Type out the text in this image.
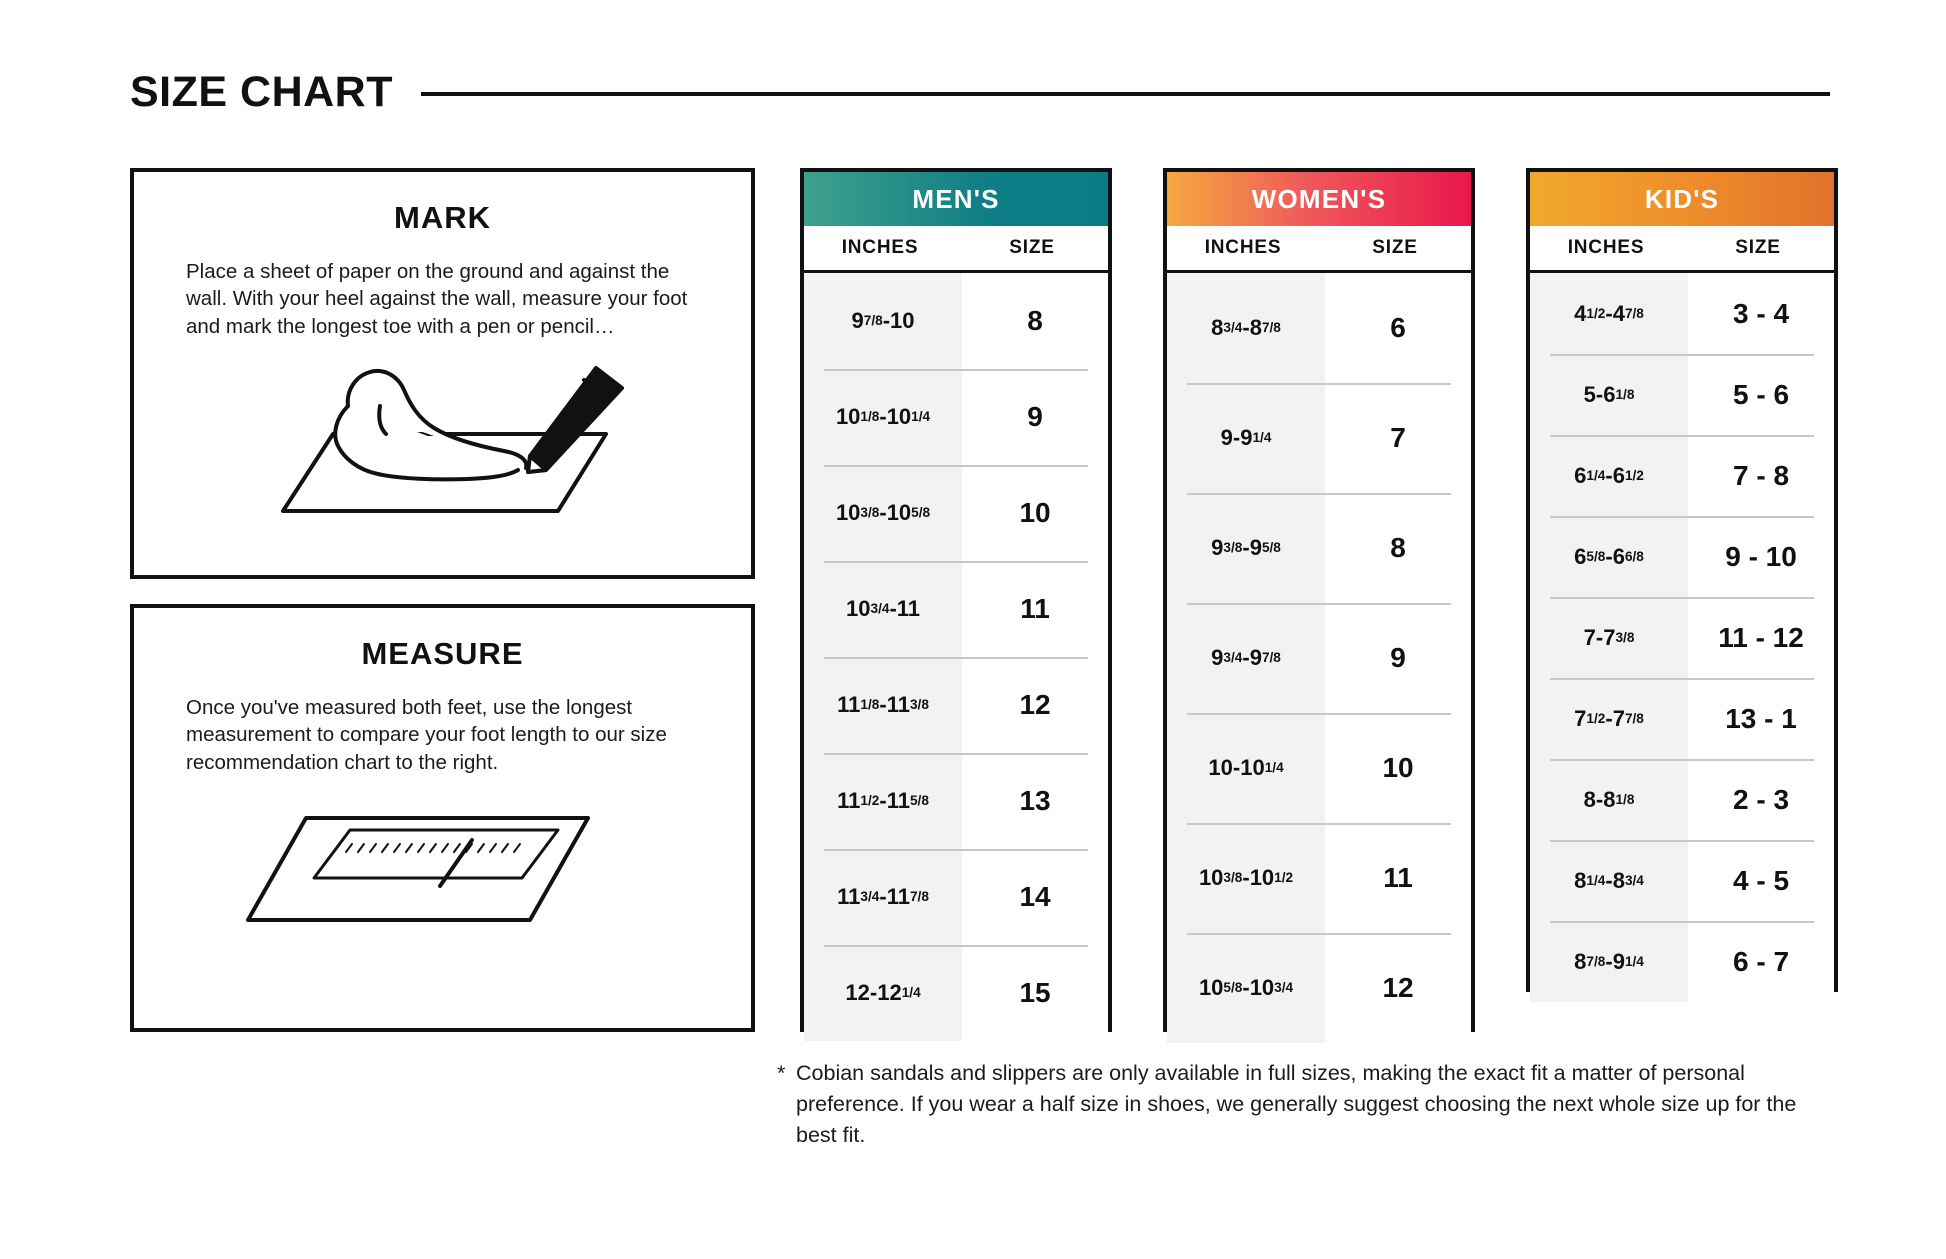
SIZE CHART
MARK
Place a sheet of paper on the ground and against the wall. With your heel against the wall, measure your foot and mark the longest toe with a pen or pencil…
MEASURE
Once you've measured both feet, use the longest measurement to compare your foot length to our size recommendation chart to the right.
MEN'S
INCHES	SIZE
9 7/8 -10	8
10 1/8 -10 1/4	9
10 3/8 -10 5/8	10
10 3/4 -11	11
11 1/8 -11 3/8	12
11 1/2 -11 5/8	13
11 3/4 -11 7/8	14
12-12 1/4	15
WOMEN'S
INCHES	SIZE
8 3/4 -8 7/8	6
9-9 1/4	7
9 3/8 -9 5/8	8
9 3/4 -9 7/8	9
10-10 1/4	10
10 3/8 -10 1/2	11
10 5/8 -10 3/4	12
KID'S
INCHES	SIZE
4 1/2 -4 7/8	3 - 4
5-6 1/8	5 - 6
6 1/4 -6 1/2	7 - 8
6 5/8 -6 6/8	9 - 10
7-7 3/8	11 - 12
7 1/2 -7 7/8	13 - 1
8-8 1/8	2 - 3
8 1/4 -8 3/4	4 - 5
8 7/8 -9 1/4	6 - 7
* Cobian sandals and slippers are only available in full sizes, making the exact fit a matter of personal preference. If you wear a half size in shoes, we generally suggest choosing the next whole size up for the best fit.
